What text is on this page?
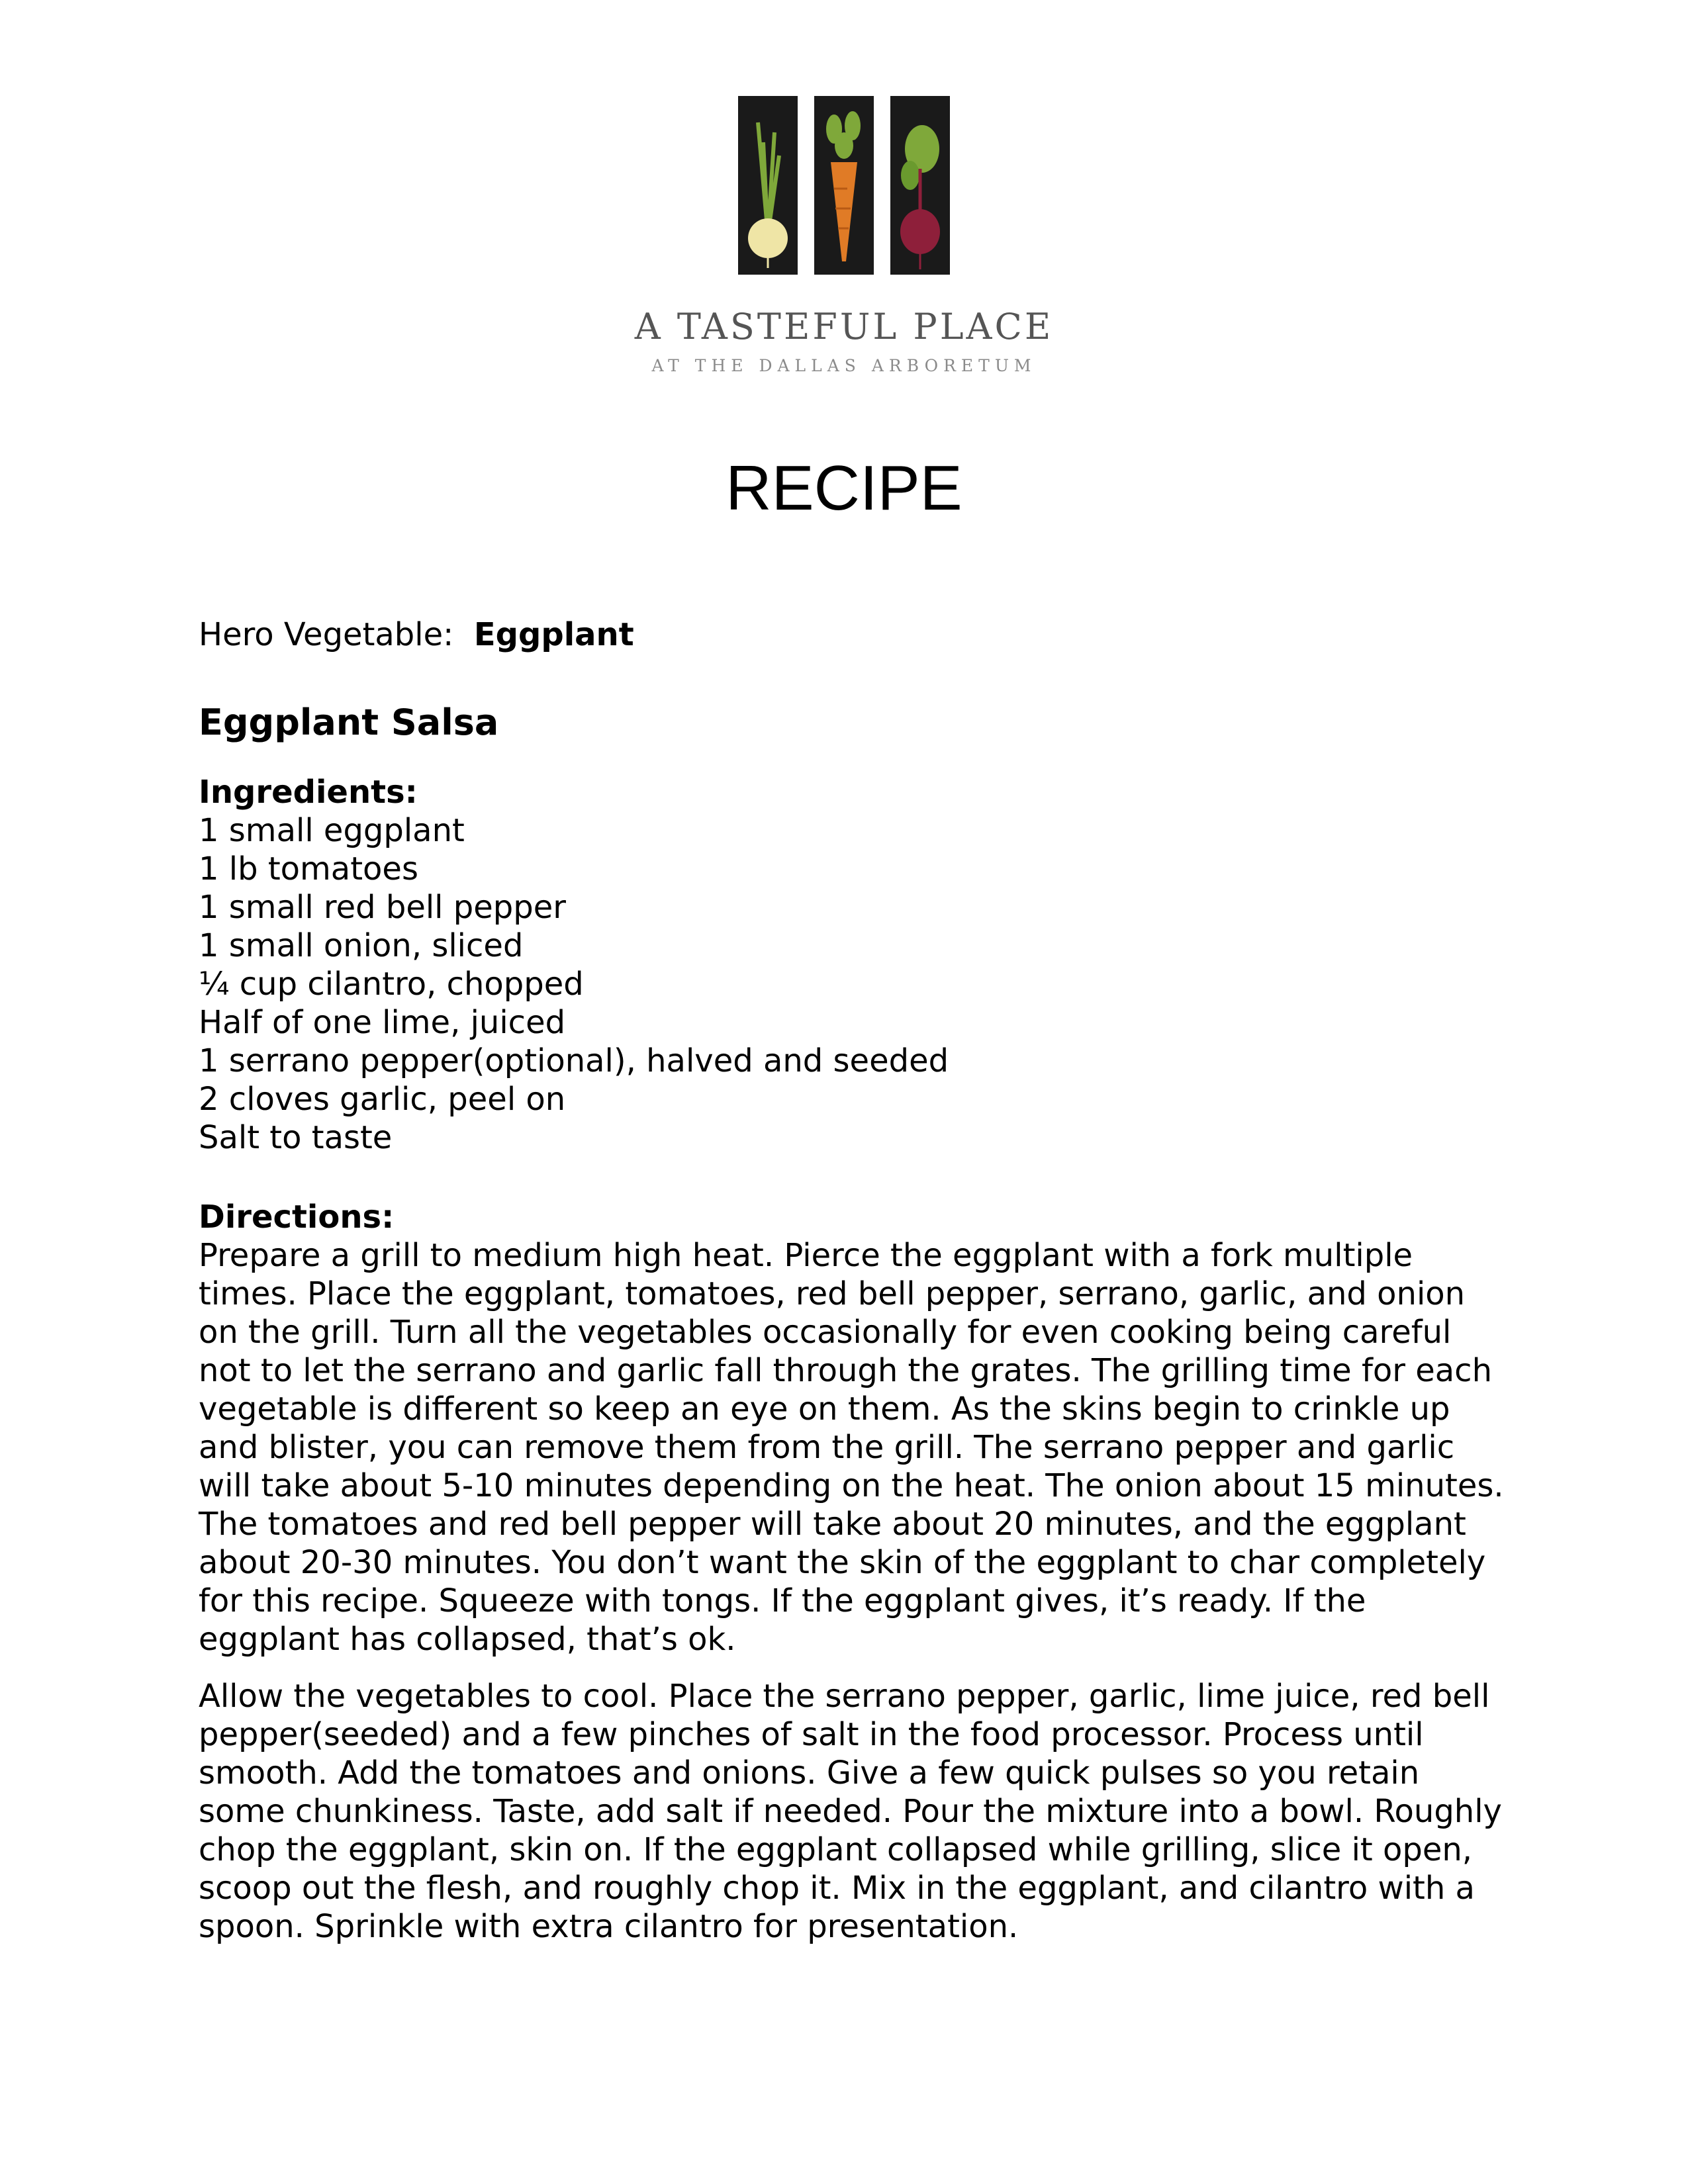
A TASTEFUL PLACE
AT THE DALLAS ARBORETUM
RECIPE

Hero Vegetable: Eggplant

Eggplant Salsa

Ingredients:

1 small eggplant
1 lb tomatoes
1 small red bell pepper
1 small onion, sliced
¼ cup cilantro, chopped
Half of one lime, juiced
1 serrano pepper(optional), halved and seeded
2 cloves garlic, peel on
Salt to taste

Directions:

Prepare a grill to medium high heat. Pierce the eggplant with a fork multiple times. Place the eggplant, tomatoes, red bell pepper, serrano, garlic, and onion on the grill. Turn all the vegetables occasionally for even cooking being careful not to let the serrano and garlic fall through the grates. The grilling time for each vegetable is different so keep an eye on them. As the skins begin to crinkle up and blister, you can remove them from the grill. The serrano pepper and garlic will take about 5-10 minutes depending on the heat. The onion about 15 minutes. The tomatoes and red bell pepper will take about 20 minutes, and the eggplant about 20-30 minutes. You don’t want the skin of the eggplant to char completely for this recipe. Squeeze with tongs. If the eggplant gives, it’s ready. If the eggplant has collapsed, that’s ok.

Allow the vegetables to cool. Place the serrano pepper, garlic, lime juice, red bell pepper(seeded) and a few pinches of salt in the food processor. Process until smooth. Add the tomatoes and onions. Give a few quick pulses so you retain some chunkiness. Taste, add salt if needed. Pour the mixture into a bowl. Roughly chop the eggplant, skin on. If the eggplant collapsed while grilling, slice it open, scoop out the flesh, and roughly chop it. Mix in the eggplant, and cilantro with a spoon. Sprinkle with extra cilantro for presentation.
